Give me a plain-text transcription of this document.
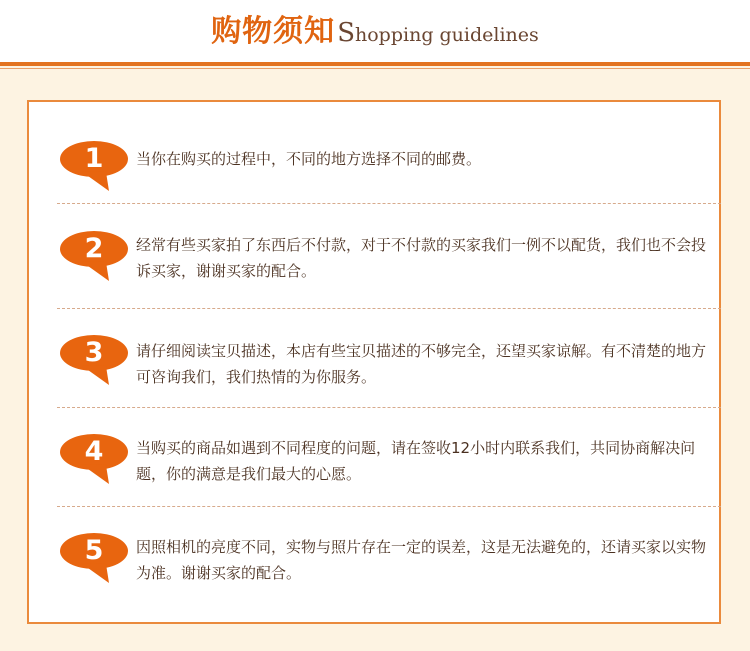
购物须知Shopping guidelines
1	当你在购买的过程中，不同的地方选择不同的邮费。
2	经常有些买家拍了东西后不付款，对于不付款的买家我们一例不以配货，我们也不会投诉买家，谢谢买家的配合。
3	请仔细阅读宝贝描述，本店有些宝贝描述的不够完全，还望买家谅解。有不清楚的地方可咨询我们，我们热情的为你服务。
4	当购买的商品如遇到不同程度的问题，请在签收12小时内联系我们，共同协商解决问题，你的满意是我们最大的心愿。
5	因照相机的亮度不同，实物与照片存在一定的误差，这是无法避免的，还请买家以实物为准。谢谢买家的配合。
